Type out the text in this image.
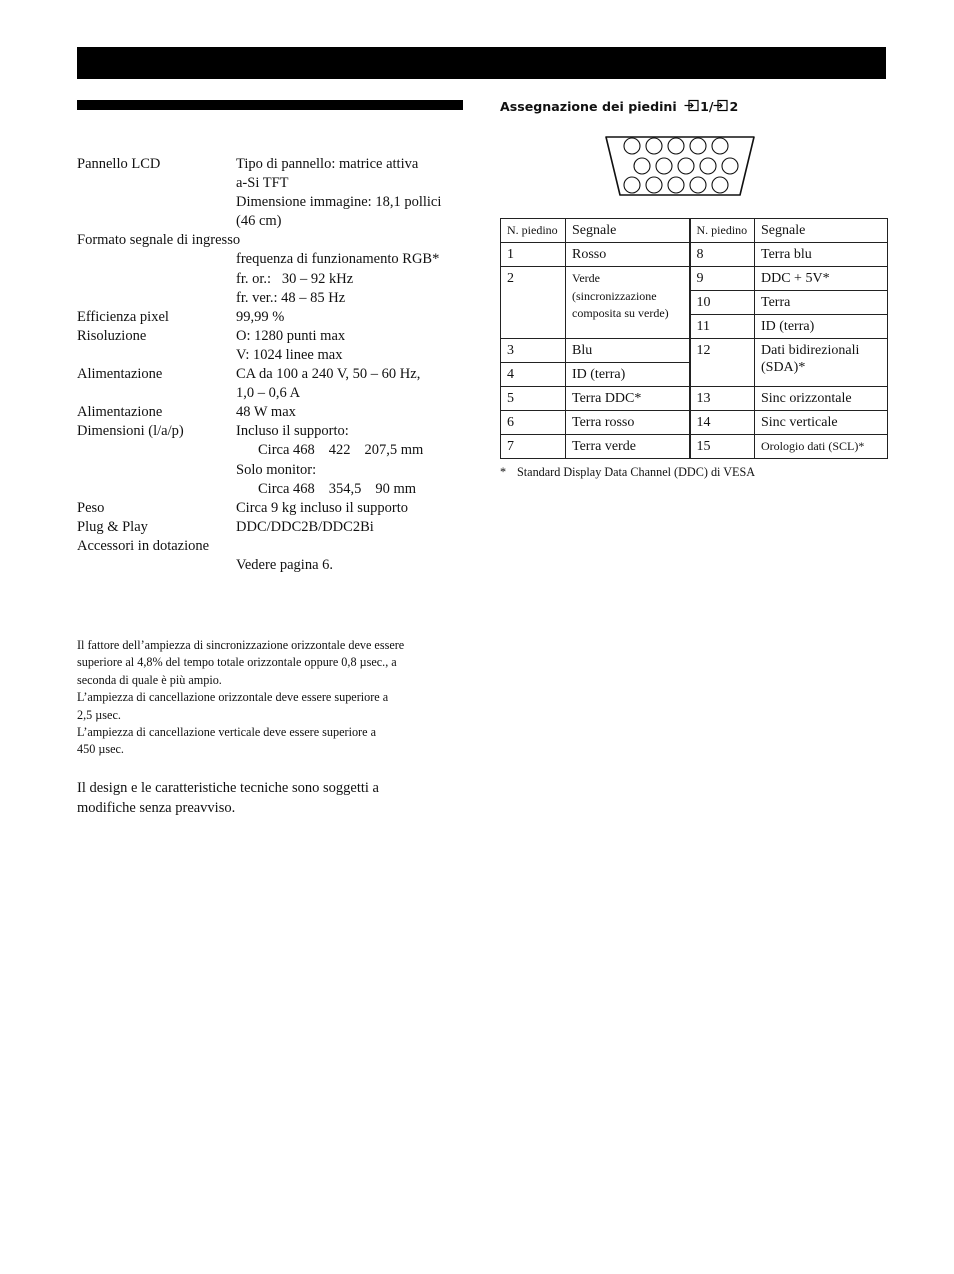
Pannello LCD	Tipo di pannello: matrice attiva
a-Si TFT
Dimensione immagine: 18,1 pollici
(46 cm)
Formato segnale di ingresso
frequenza di funzionamento RGB*
fr. or.:   30 – 92 kHz
fr. ver.: 48 – 85 Hz
Efficienza pixel	99,99 %
Risoluzione	O: 1280 punti max
V: 1024 linee max
Alimentazione	CA da 100 a 240 V, 50 – 60 Hz,
1,0 – 0,6 A
Alimentazione	48 W max
Dimensioni (l/a/p)	Incluso il supporto:
Circa 468 422 207,5 mm
Solo monitor:
Circa 468 354,5 90 mm
Peso	Circa 9 kg incluso il supporto
Plug & Play	DDC/DDC2B/DDC2Bi
Accessori in dotazione
Vedere pagina 6.
Il fattore dell’ampiezza di sincronizzazione orizzontale deve essere
superiore al 4,8% del tempo totale orizzontale oppure 0,8 µsec., a
seconda di quale è più ampio.
L’ampiezza di cancellazione orizzontale deve essere superiore a
2,5 µsec.
L’ampiezza di cancellazione verticale deve essere superiore a
450 µsec.
Il design e le caratteristiche tecniche sono soggetti a
modifiche senza preavviso.
Assegnazione dei piedini 1/ 2
N. piedino	Segnale	N. piedino	Segnale
1	Rosso	8	Terra blu
2	Verde
(sincronizzazione
composita su verde)	9	DDC + 5V*
		10	Terra
		11	ID (terra)
3	Blu	12	Dati bidirezionali
(SDA)*

4	ID (terra)		
5	Terra DDC*	13	Sinc orizzontale
6	Terra rosso	14	Sinc verticale
7	Terra verde	15	Orologio dati (SCL)*
* Standard Display Data Channel (DDC) di VESA
